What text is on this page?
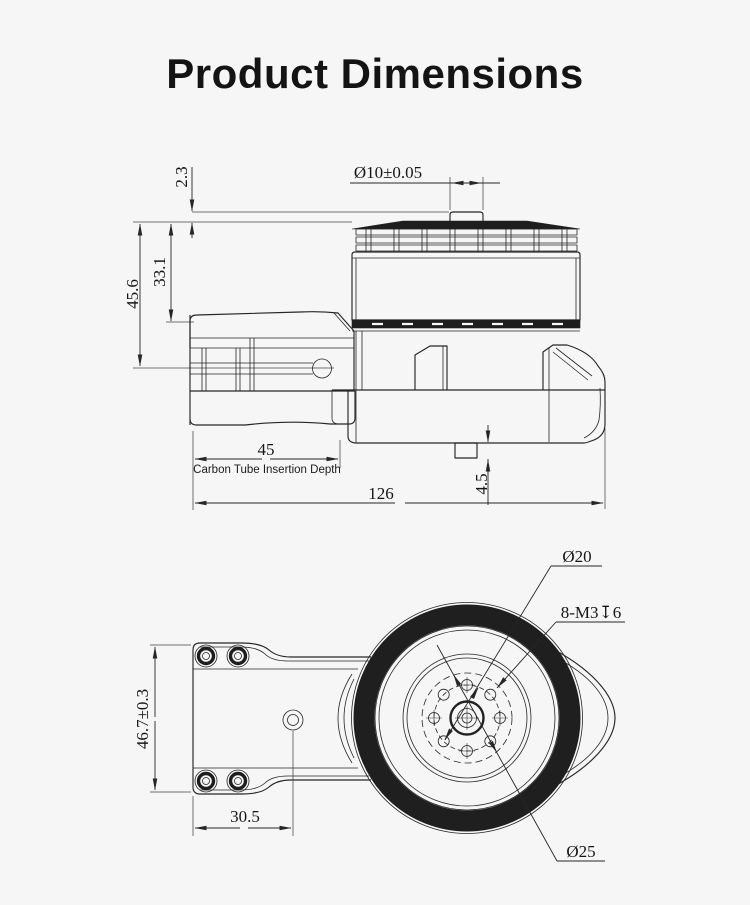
Product Dimensions
2.3
33.1
45.6
Ø10±0.05
45
Carbon Tube Insertion Depth
126	4.5
46.7±0.3
30.5
Ø20
8-M3↧6
Ø25
